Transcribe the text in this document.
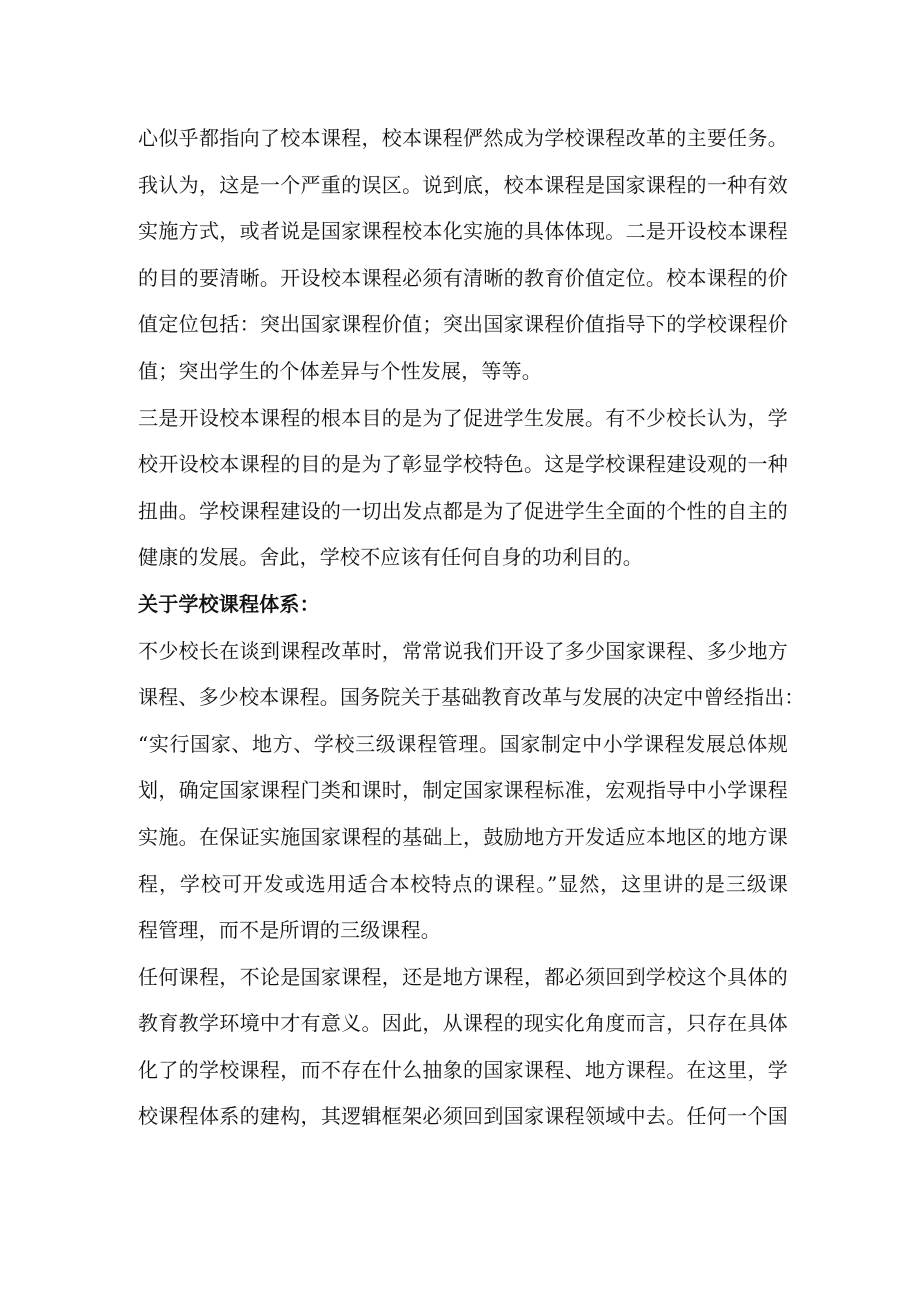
心似乎都指向了校本课程，校本课程俨然成为学校课程改革的主要任务。
我认为，这是一个严重的误区。说到底，校本课程是国家课程的一种有效
实施方式，或者说是国家课程校本化实施的具体体现。二是开设校本课程
的目的要清晰。开设校本课程必须有清晰的教育价值定位。校本课程的价
值定位包括：突出国家课程价值；突出国家课程价值指导下的学校课程价
值；突出学生的个体差异与个性发展，等等。
三是开设校本课程的根本目的是为了促进学生发展。有不少校长认为，学
校开设校本课程的目的是为了彰显学校特色。这是学校课程建设观的一种
扭曲。学校课程建设的一切出发点都是为了促进学生全面的个性的自主的
健康的发展。舍此，学校不应该有任何自身的功利目的。
关于学校课程体系：
不少校长在谈到课程改革时，常常说我们开设了多少国家课程、多少地方
课程、多少校本课程。国务院关于基础教育改革与发展的决定中曾经指出：
“实行国家、地方、学校三级课程管理。国家制定中小学课程发展总体规
划，确定国家课程门类和课时，制定国家课程标准，宏观指导中小学课程
实施。在保证实施国家课程的基础上，鼓励地方开发适应本地区的地方课
程，学校可开发或选用适合本校特点的课程。”显然，这里讲的是三级课
程管理，而不是所谓的三级课程。
任何课程，不论是国家课程，还是地方课程，都必须回到学校这个具体的
教育教学环境中才有意义。因此，从课程的现实化角度而言，只存在具体
化了的学校课程，而不存在什么抽象的国家课程、地方课程。在这里，学
校课程体系的建构，其逻辑框架必须回到国家课程领域中去。任何一个国
